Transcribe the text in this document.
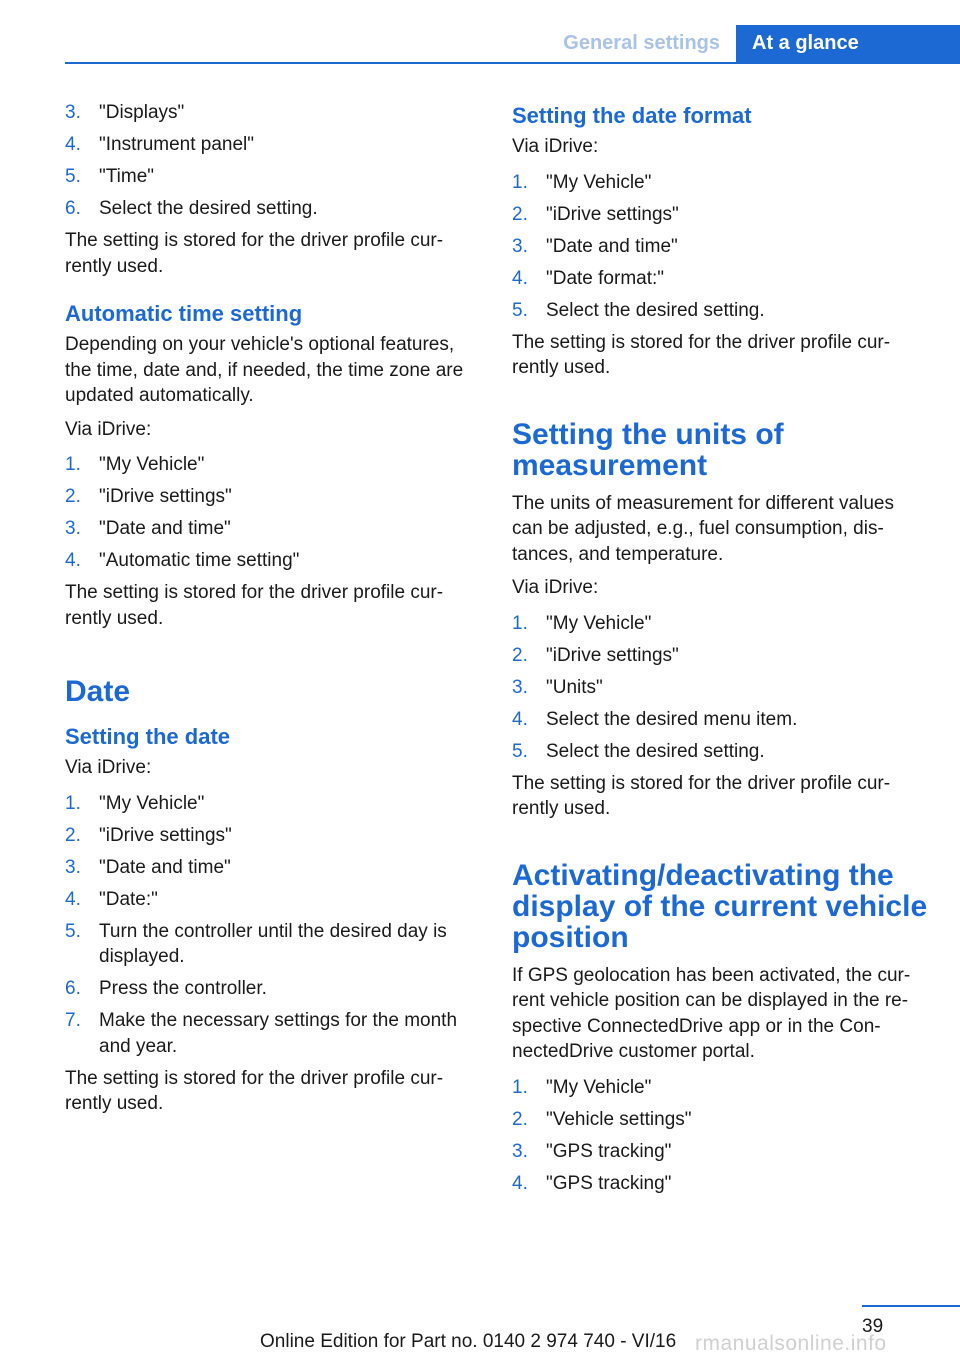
General settings	At a glance
3. "Displays"
4. "Instrument panel"
5. "Time"
6. Select the desired setting.

The setting is stored for the driver profile currently used.

Automatic time setting

Depending on your vehicle's optional features, the time, date and, if needed, the time zone are updated automatically.

Via iDrive:

1. "My Vehicle"
2. "iDrive settings"
3. "Date and time"
4. "Automatic time setting"

The setting is stored for the driver profile currently used.

Date
Setting the date

Via iDrive:

1. "My Vehicle"
2. "iDrive settings"
3. "Date and time"
4. "Date:"
5. Turn the controller until the desired day is displayed.
6. Press the controller.
7. Make the necessary settings for the month and year.

The setting is stored for the driver profile currently used.

Setting the date format

Via iDrive:

1. "My Vehicle"
2. "iDrive settings"
3. "Date and time"
4. "Date format:"
5. Select the desired setting.

The setting is stored for the driver profile currently used.

Setting the units of measurement

The units of measurement for different values can be adjusted, e.g., fuel consumption, distances, and temperature.

Via iDrive:

1. "My Vehicle"
2. "iDrive settings"
3. "Units"
4. Select the desired menu item.
5. Select the desired setting.

The setting is stored for the driver profile currently used.

Activating/deactivating the display of the current vehicle position

If GPS geolocation has been activated, the current vehicle position can be displayed in the respective ConnectedDrive app or in the ConnectedDrive customer portal.

1. "My Vehicle"
2. "Vehicle settings"
3. "GPS tracking"
4. "GPS tracking"
39
Online Edition for Part no. 0140 2 974 740 - VI/16 rmanualsonline.info
